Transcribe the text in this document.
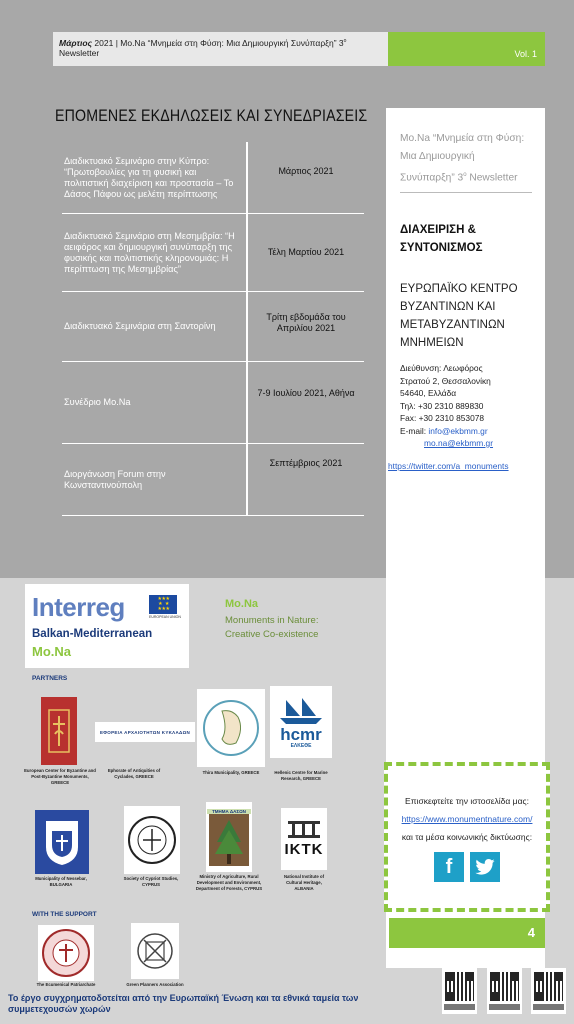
Μάρτιος 2021 | Mo.Na “Μνημεία στη Φύση: Μια Δημιουργική Συνύπαρξη” $3^o$ Newsletter	Vol. 1
ΕΠΟΜΕΝΕΣ ΕΚΔΗΛΩΣΕΙΣ ΚΑΙ ΣΥΝΕΔΡΙΑΣΕΙΣ
Διαδικτυακό Σεμινάριο στην Κύπρο: “Πρωτοβουλίες για τη φυσική και πολιτιστική διαχείριση και προστασία – Το Δάσος Πάφου ως μελέτη περίπτωσης
Μάρτιος 2021
Διαδικτυακό Σεμινάριο στη Μεσημβρία: “Η αειφόρος και δημιουργική συνύπαρξη της φυσικής και πολιτιστικής κληρονομιάς: Η περίπτωση της Μεσημβρίας”
Τέλη Μαρτίου 2021
Διαδικτυακό Σεμινάρια στη Σαντορίνη
Τρίτη εβδομάδα του Απριλίου 2021
Συνέδριο Mo.Na
7-9 Ιουλίου 2021, Αθήνα
Διοργάνωση Forum στην Κωνσταντινούπολη
Σεπτέμβριος 2021
Mo.Na “Μνημεία στη Φύση: Μια Δημιουργική Συνύπαρξη” $3^o$ Newsletter
ΔΙΑΧΕΙΡΙΣΗ & ΣΥΝΤΟΝΙΣΜΟΣ
ΕΥΡΩΠΑΪΚΟ ΚΕΝΤΡΟ ΒΥΖΑΝΤΙΝΩΝ ΚΑΙ ΜΕΤΑΒΥΖΑΝΤΙΝΩΝ ΜΝΗΜΕΙΩΝ
Διεύθυνση: Λεωφόρος
Στρατού 2, Θεσσαλονίκη
54640, Ελλάδα
Τηλ: +30 2310 889830
Fax: +30 2310 853078
E-mail: info@ekbmm.gr
mo.na@ekbmm.gr
https://twitter.com/a_monuments
Επισκεφτείτε την ιστοσελίδα μας:
https://www.monumentnature.com/
και τα μέσα κοινωνικής δικτύωσης:
f
4
Interreg	★★★
★   ★
★★★
EUROPEAN UNION
Balkan-Mediterranean
Mo.Na
Mo.Na
Monuments in Nature:
Creative Co-existence
PARTNERS
European Center for Byzantine and Post-Byzantine Monuments, GREECE
ΕΦΟΡΕΙΑ ΑΡΧΑΙΟΤΗΤΩΝ ΚΥΚΛΑΔΩΝ
Ephorate of Antiquities of Cyclades, GREECE
Thira Municipality, GREECE
hcmr
ΕΛΚΕΘΕ
Hellenic Centre for Marine Research, GREECE
Municipality of Nessebar, BULGARIA
Society of Cypriot Studies, CYPRUS
ΤΜΗΜΑ ΔΑΣΩΝ
Ministry of Agriculture, Rural Development and Environment, Department of Forests, CYPRUS
IKTK
National Institute of Cultural Heritage, ALBANIA
WITH THE SUPPORT
The Ecumenical Patriarchate	Green Planners Association
Το έργο συγχρηματοδοτείται από την Ευρωπαϊκή Ένωση και τα εθνικά ταμεία των συμμετεχουσών χωρών
